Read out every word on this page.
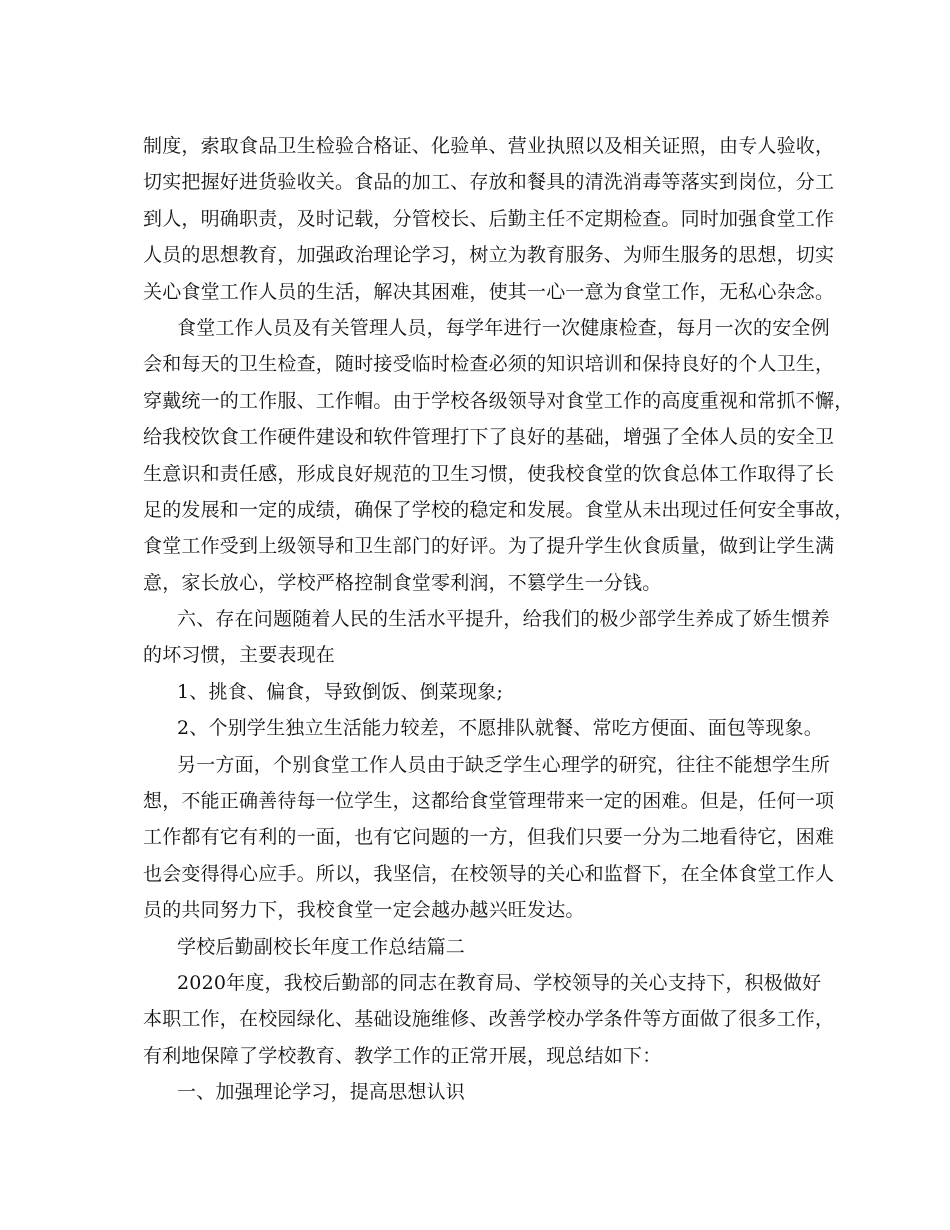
制度，索取食品卫生检验合格证、化验单、营业执照以及相关证照，由专人验收，
切实把握好进货验收关。食品的加工、存放和餐具的清洗消毒等落实到岗位，分工
到人，明确职责，及时记载，分管校长、后勤主任不定期检查。同时加强食堂工作
人员的思想教育，加强政治理论学习，树立为教育服务、为师生服务的思想，切实
关心食堂工作人员的生活，解决其困难，使其一心一意为食堂工作，无私心杂念。
食堂工作人员及有关管理人员，每学年进行一次健康检查，每月一次的安全例
会和每天的卫生检查，随时接受临时检查必须的知识培训和保持良好的个人卫生，
穿戴统一的工作服、工作帽。由于学校各级领导对食堂工作的高度重视和常抓不懈，
给我校饮食工作硬件建设和软件管理打下了良好的基础，增强了全体人员的安全卫
生意识和责任感，形成良好规范的卫生习惯，使我校食堂的饮食总体工作取得了长
足的发展和一定的成绩，确保了学校的稳定和发展。食堂从未出现过任何安全事故，
食堂工作受到上级领导和卫生部门的好评。为了提升学生伙食质量，做到让学生满
意，家长放心，学校严格控制食堂零利润，不篡学生一分钱。
六、存在问题随着人民的生活水平提升，给我们的极少部学生养成了娇生惯养
的坏习惯，主要表现在
1、挑食、偏食，导致倒饭、倒菜现象;
2、个别学生独立生活能力较差，不愿排队就餐、常吃方便面、面包等现象。
另一方面，个别食堂工作人员由于缺乏学生心理学的研究，往往不能想学生所
想，不能正确善待每一位学生，这都给食堂管理带来一定的困难。但是，任何一项
工作都有它有利的一面，也有它问题的一方，但我们只要一分为二地看待它，困难
也会变得得心应手。所以，我坚信，在校领导的关心和监督下，在全体食堂工作人
员的共同努力下，我校食堂一定会越办越兴旺发达。
学校后勤副校长年度工作总结篇二
2020年度，我校后勤部的同志在教育局、学校领导的关心支持下，积极做好
本职工作，在校园绿化、基础设施维修、改善学校办学条件等方面做了很多工作，
有利地保障了学校教育、教学工作的正常开展，现总结如下：
一、加强理论学习，提高思想认识
